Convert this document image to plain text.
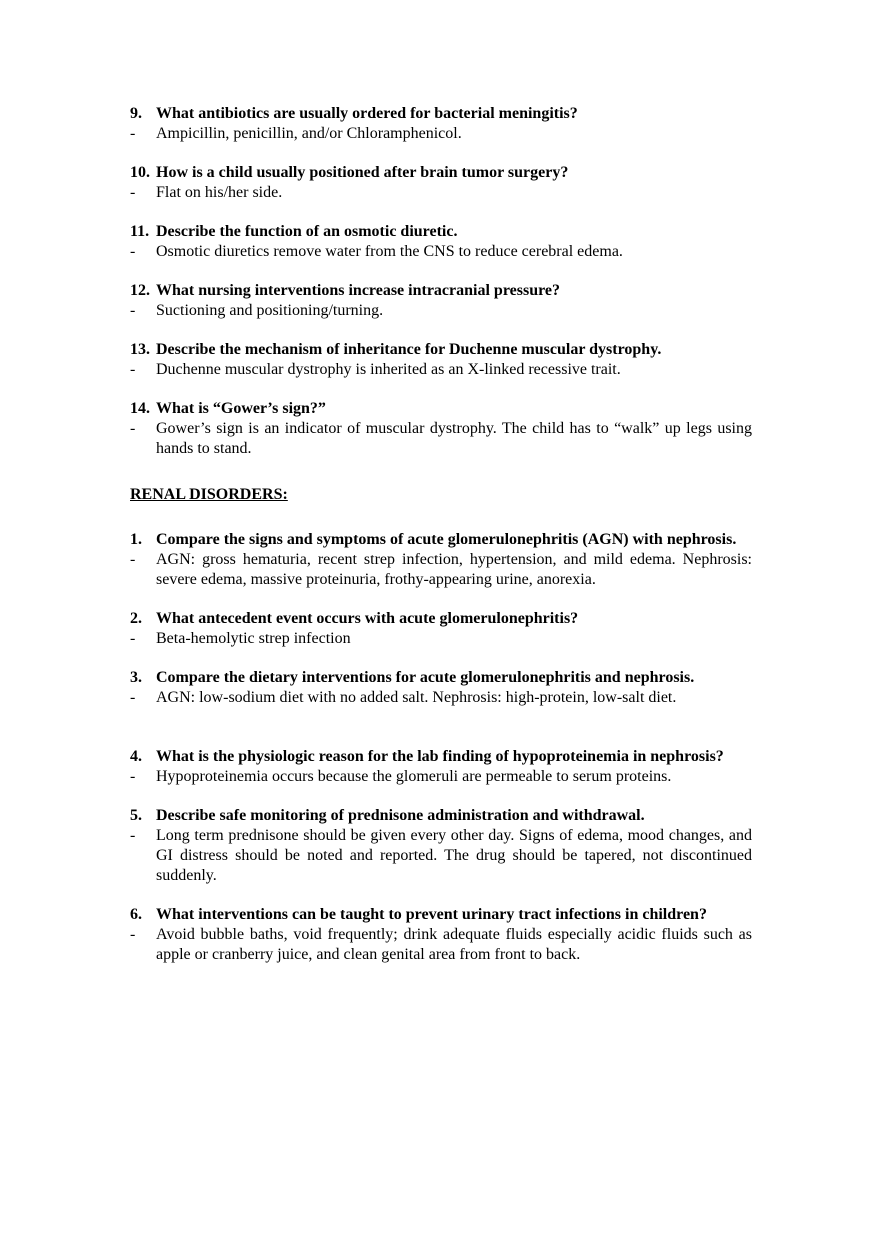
9. What antibiotics are usually ordered for bacterial meningitis?
-	Ampicillin, penicillin, and/or Chloramphenicol.
10. How is a child usually positioned after brain tumor surgery?
-	Flat on his/her side.
11. Describe the function of an osmotic diuretic.
-	Osmotic diuretics remove water from the CNS to reduce cerebral edema.
12. What nursing interventions increase intracranial pressure?
-	Suctioning and positioning/turning.
13. Describe the mechanism of inheritance for Duchenne muscular dystrophy.
-	Duchenne muscular dystrophy is inherited as an X-linked recessive trait.
14. What is “Gower’s sign?”
-	Gower’s sign is an indicator of muscular dystrophy. The child has to “walk” up legs using hands to stand.
RENAL DISORDERS:
1. Compare the signs and symptoms of acute glomerulonephritis (AGN) with nephrosis.
-	AGN: gross hematuria, recent strep infection, hypertension, and mild edema. Nephrosis: severe edema, massive proteinuria, frothy-appearing urine, anorexia.
2. What antecedent event occurs with acute glomerulonephritis?
-	Beta-hemolytic strep infection
3. Compare the dietary interventions for acute glomerulonephritis and nephrosis.
-	AGN: low-sodium diet with no added salt. Nephrosis: high-protein, low-salt diet.
4. What is the physiologic reason for the lab finding of hypoproteinemia in nephrosis?
-	Hypoproteinemia occurs because the glomeruli are permeable to serum proteins.
5. Describe safe monitoring of prednisone administration and withdrawal.
-	Long term prednisone should be given every other day. Signs of edema, mood changes, and GI distress should be noted and reported. The drug should be tapered, not discontinued suddenly.
6. What interventions can be taught to prevent urinary tract infections in children?
-	Avoid bubble baths, void frequently; drink adequate fluids especially acidic fluids such as apple or cranberry juice, and clean genital area from front to back.
